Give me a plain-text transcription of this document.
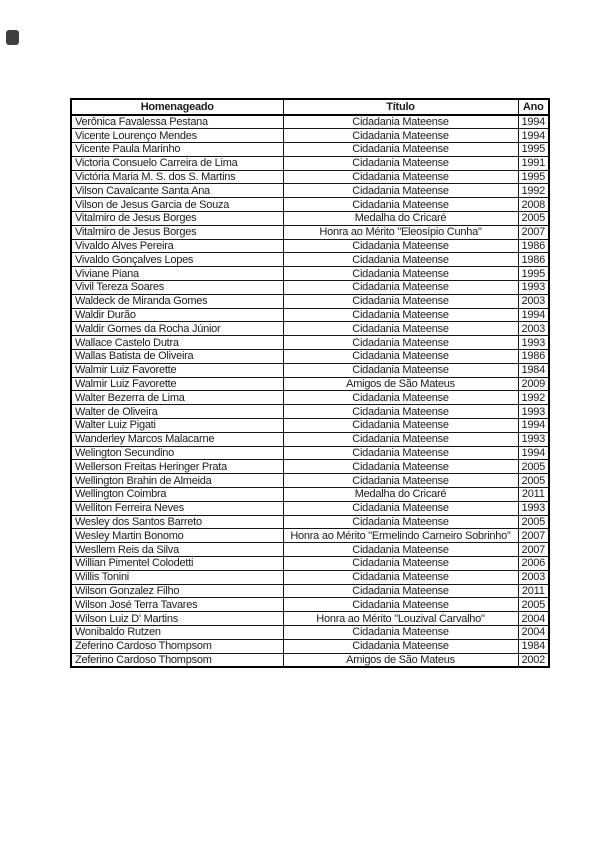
Homenageado	Título	Ano
Verônica Favalessa Pestana	Cidadania Mateense	1994
Vicente Lourenço Mendes	Cidadania Mateense	1994
Vicente Paula Marinho	Cidadania Mateense	1995
Victoria Consuelo Carreira de Lima	Cidadania Mateense	1991
Victória Maria M. S. dos S. Martins	Cidadania Mateense	1995
Vilson Cavalcante Santa Ana	Cidadania Mateense	1992
Vilson de Jesus Garcia de Souza	Cidadania Mateense	2008
Vitalmiro de Jesus Borges	Medalha do Cricaré	2005
Vitalmiro de Jesus Borges	Honra ao Mérito "Eleosípio Cunha"	2007
Vivaldo Alves Pereira	Cidadania Mateense	1986
Vivaldo Gonçalves Lopes	Cidadania Mateense	1986
Viviane Piana	Cidadania Mateense	1995
Vivil Tereza Soares	Cidadania Mateense	1993
Waldeck de Miranda Gomes	Cidadania Mateense	2003
Waldir Durão	Cidadania Mateense	1994
Waldir Gomes da Rocha Júnior	Cidadania Mateense	2003
Wallace Castelo Dutra	Cidadania Mateense	1993
Wallas Batista de Oliveira	Cidadania Mateense	1986
Walmir Luiz Favorette	Cidadania Mateense	1984
Walmir Luiz Favorette	Amigos de São Mateus	2009
Walter Bezerra de Lima	Cidadania Mateense	1992
Walter de Oliveira	Cidadania Mateense	1993
Walter Luiz Pigati	Cidadania Mateense	1994
Wanderley Marcos Malacarne	Cidadania Mateense	1993
Welington Secundino	Cidadania Mateense	1994
Wellerson Freitas Heringer Prata	Cidadania Mateense	2005
Wellington Brahin de Almeida	Cidadania Mateense	2005
Wellington Coimbra	Medalha do Cricaré	2011
Welliton Ferreira Neves	Cidadania Mateense	1993
Wesley dos Santos Barreto	Cidadania Mateense	2005
Wesley Martin Bonomo	Honra ao Mérito "Ermelindo Carneiro Sobrinho"	2007
Wesllem Reis da Silva	Cidadania Mateense	2007
Willian Pimentel Colodetti	Cidadania Mateense	2006
Willis Tonini	Cidadania Mateense	2003
Wilson Gonzalez Filho	Cidadania Mateense	2011
Wilson José Terra Tavares	Cidadania Mateense	2005
Wilson Luiz D' Martins	Honra ao Mérito "Louzival Carvalho"	2004
Wonibaldo Rutzen	Cidadania Mateense	2004
Zeferino Cardoso Thompsom	Cidadania Mateense	1984
Zeferino Cardoso Thompsom	Amigos de São Mateus	2002
